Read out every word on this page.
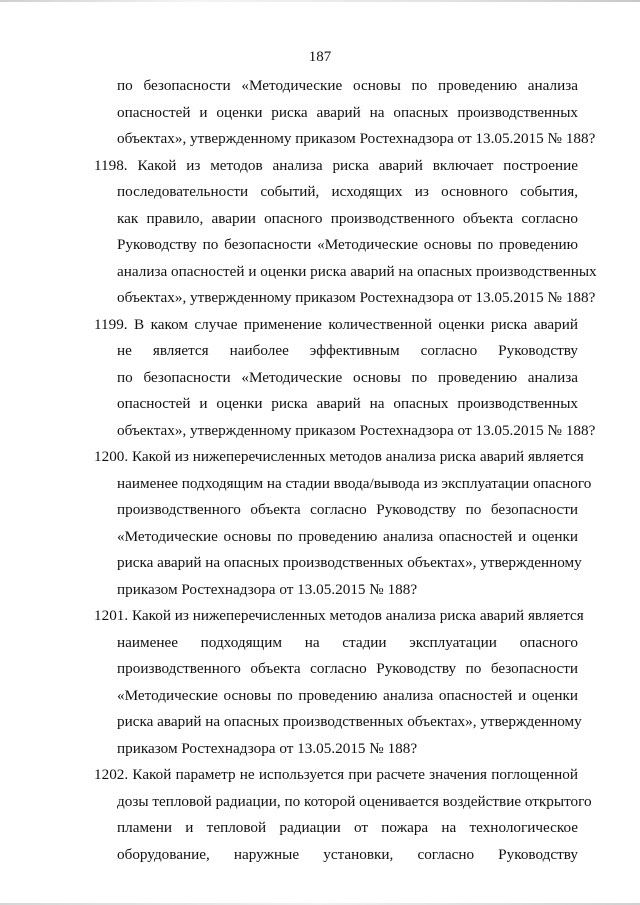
187
по безопасности «Методические основы по проведению анализа
опасностей и оценки риска аварий на опасных производственных
объектах», утвержденному приказом Ростехнадзора от 13.05.2015 № 188?
1198. Какой из методов анализа риска аварий включает построение
последовательности событий, исходящих из основного события,
как правило, аварии опасного производственного объекта согласно
Руководству по безопасности «Методические основы по проведению
анализа опасностей и оценки риска аварий на опасных производственных
объектах», утвержденному приказом Ростехнадзора от 13.05.2015 № 188?
1199. В каком случае применение количественной оценки риска аварий
не является наиболее эффективным согласно Руководству
по безопасности «Методические основы по проведению анализа
опасностей и оценки риска аварий на опасных производственных
объектах», утвержденному приказом Ростехнадзора от 13.05.2015 № 188?
1200. Какой из нижеперечисленных методов анализа риска аварий является
наименее подходящим на стадии ввода/вывода из эксплуатации опасного
производственного объекта согласно Руководству по безопасности
«Методические основы по проведению анализа опасностей и оценки
риска аварий на опасных производственных объектах», утвержденному
приказом Ростехнадзора от 13.05.2015 № 188?
1201. Какой из нижеперечисленных методов анализа риска аварий является
наименее подходящим на стадии эксплуатации опасного
производственного объекта согласно Руководству по безопасности
«Методические основы по проведению анализа опасностей и оценки
риска аварий на опасных производственных объектах», утвержденному
приказом Ростехнадзора от 13.05.2015 № 188?
1202. Какой параметр не используется при расчете значения поглощенной
дозы тепловой радиации, по которой оценивается воздействие открытого
пламени и тепловой радиации от пожара на технологическое
оборудование, наружные установки, согласно Руководству
